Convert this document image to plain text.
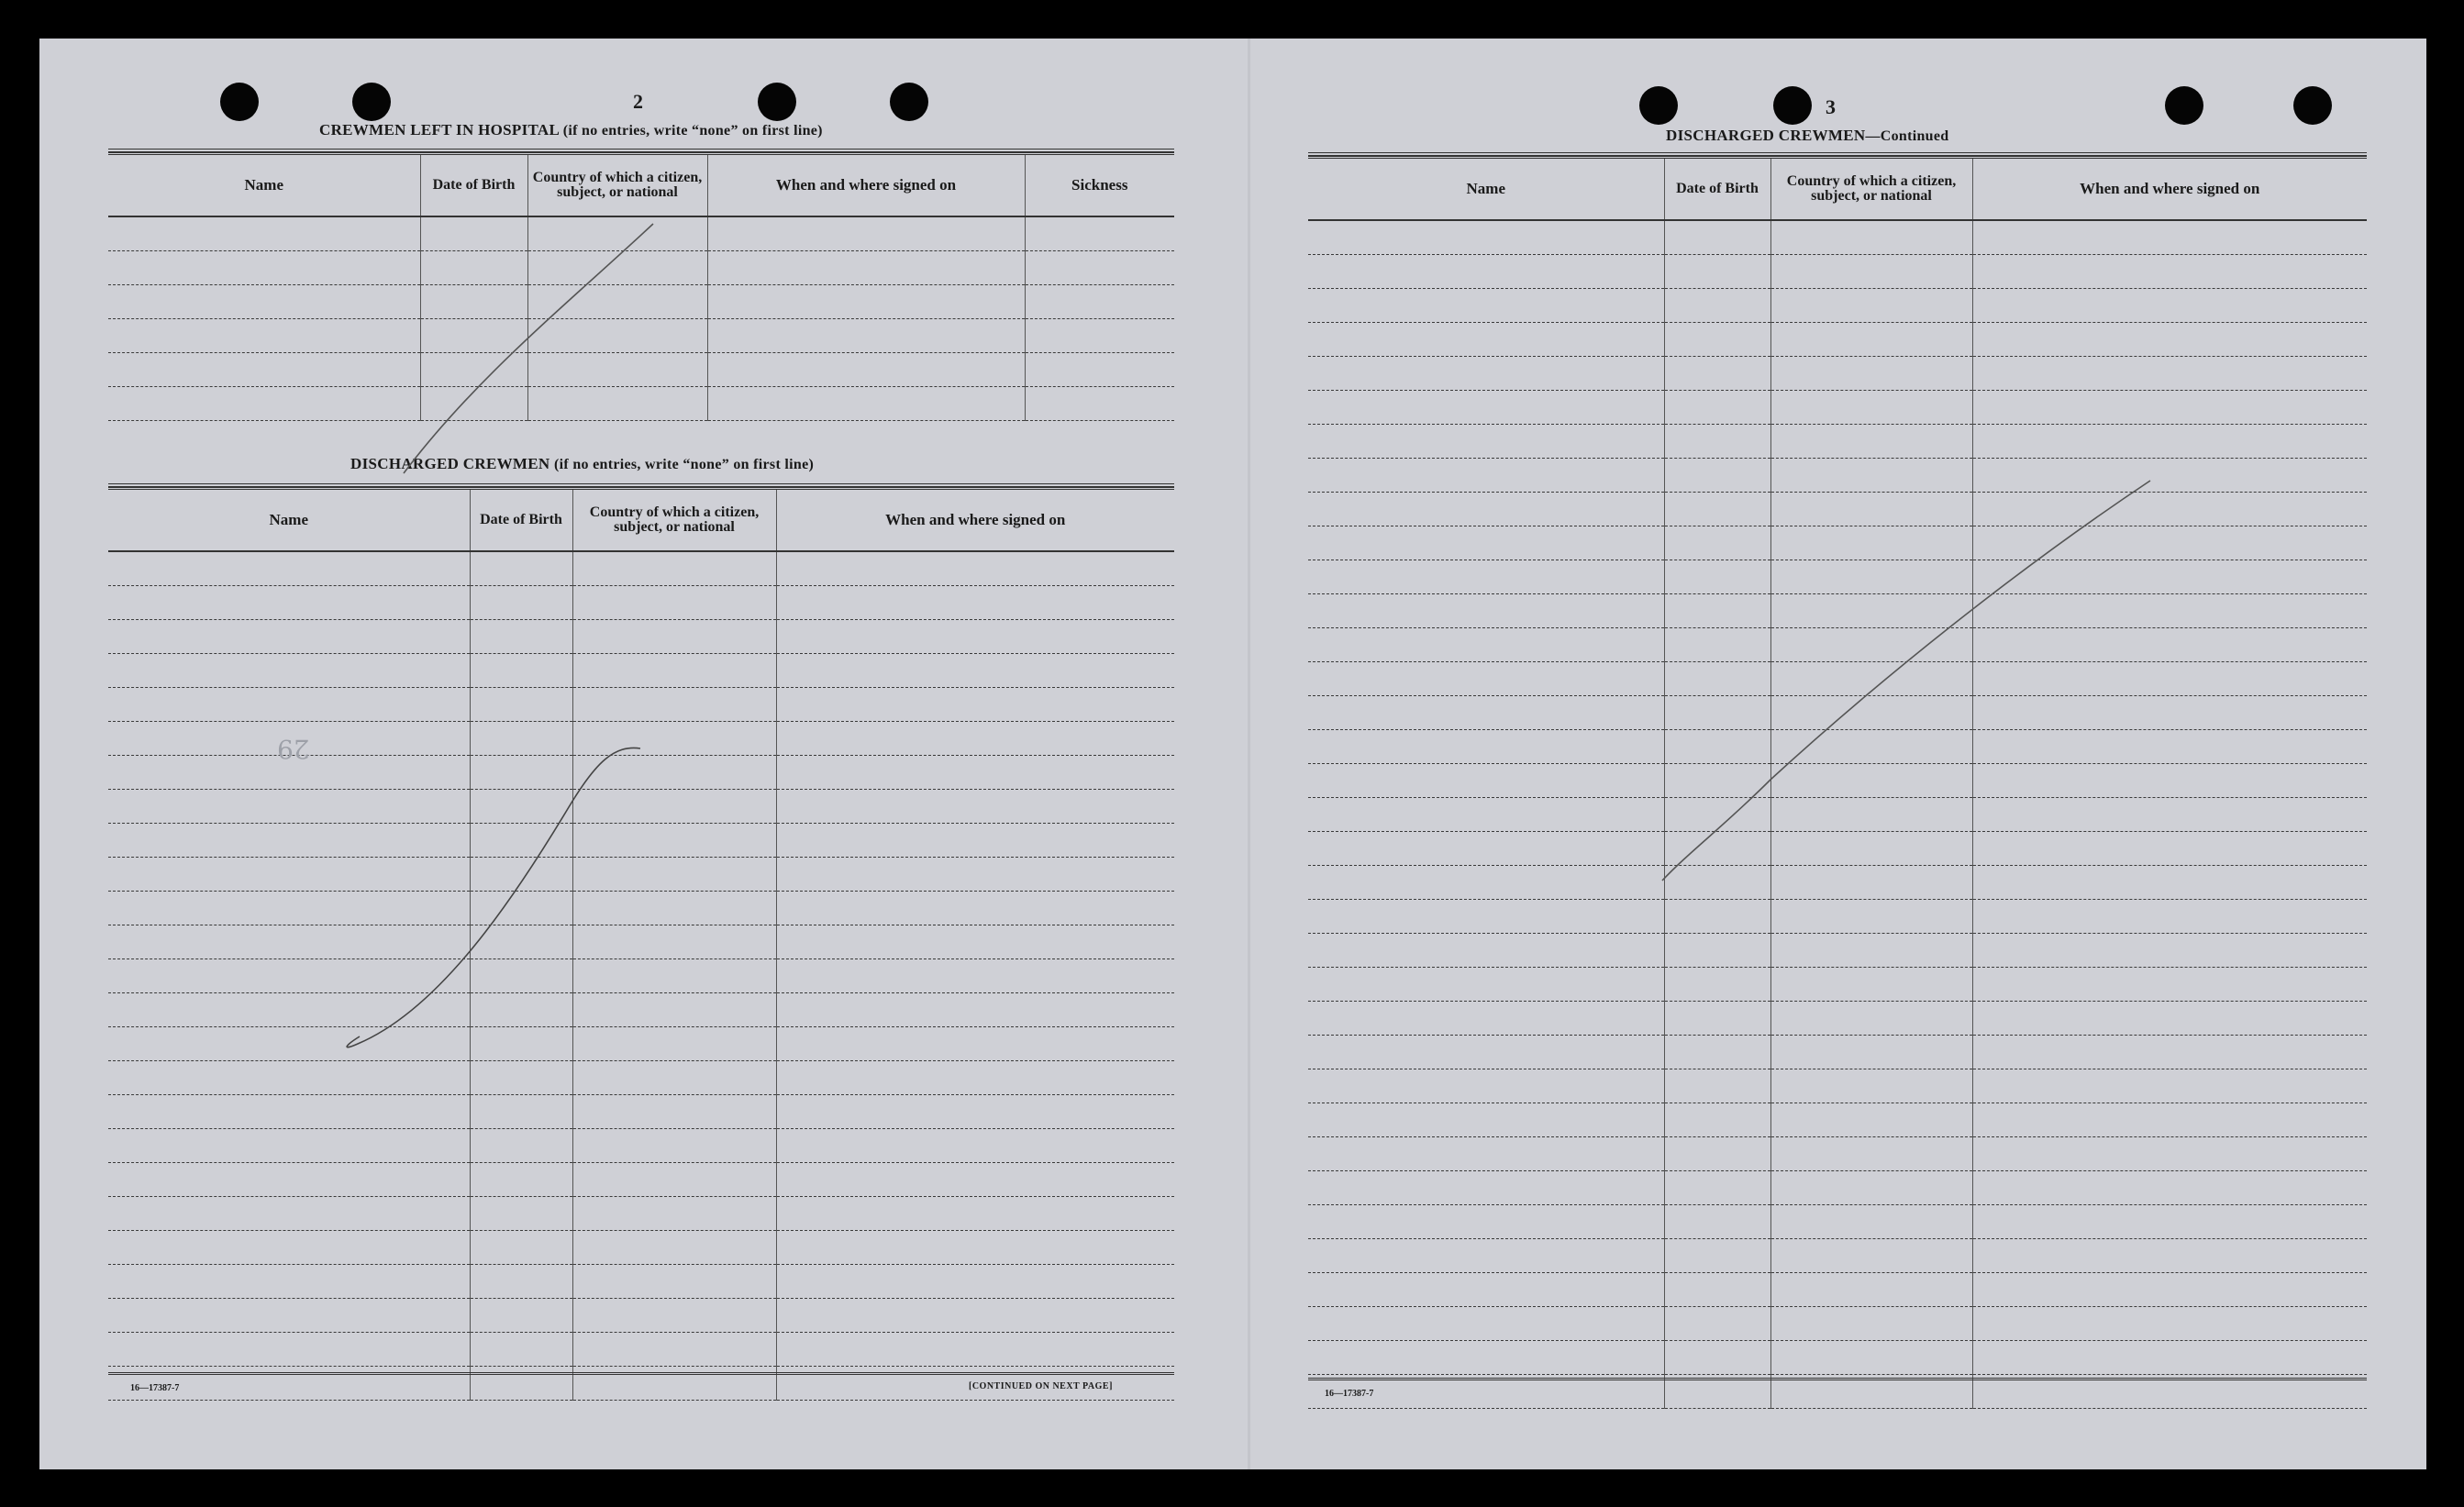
2
CREWMEN LEFT IN HOSPITAL (if no entries, write “none” on first line)
Name	Date of Birth	Country of which a citizen, subject, or national	When and where signed on	Sickness

DISCHARGED CREWMEN (if no entries, write “none” on first line)
Name	Date of Birth	Country of which a citizen, subject, or national	When and where signed on

16—17387-7	[CONTINUED ON NEXT PAGE]
29
3
DISCHARGED CREWMEN—Continued
Name	Date of Birth	Country of which a citizen, subject, or national	When and where signed on

16—17387-7
